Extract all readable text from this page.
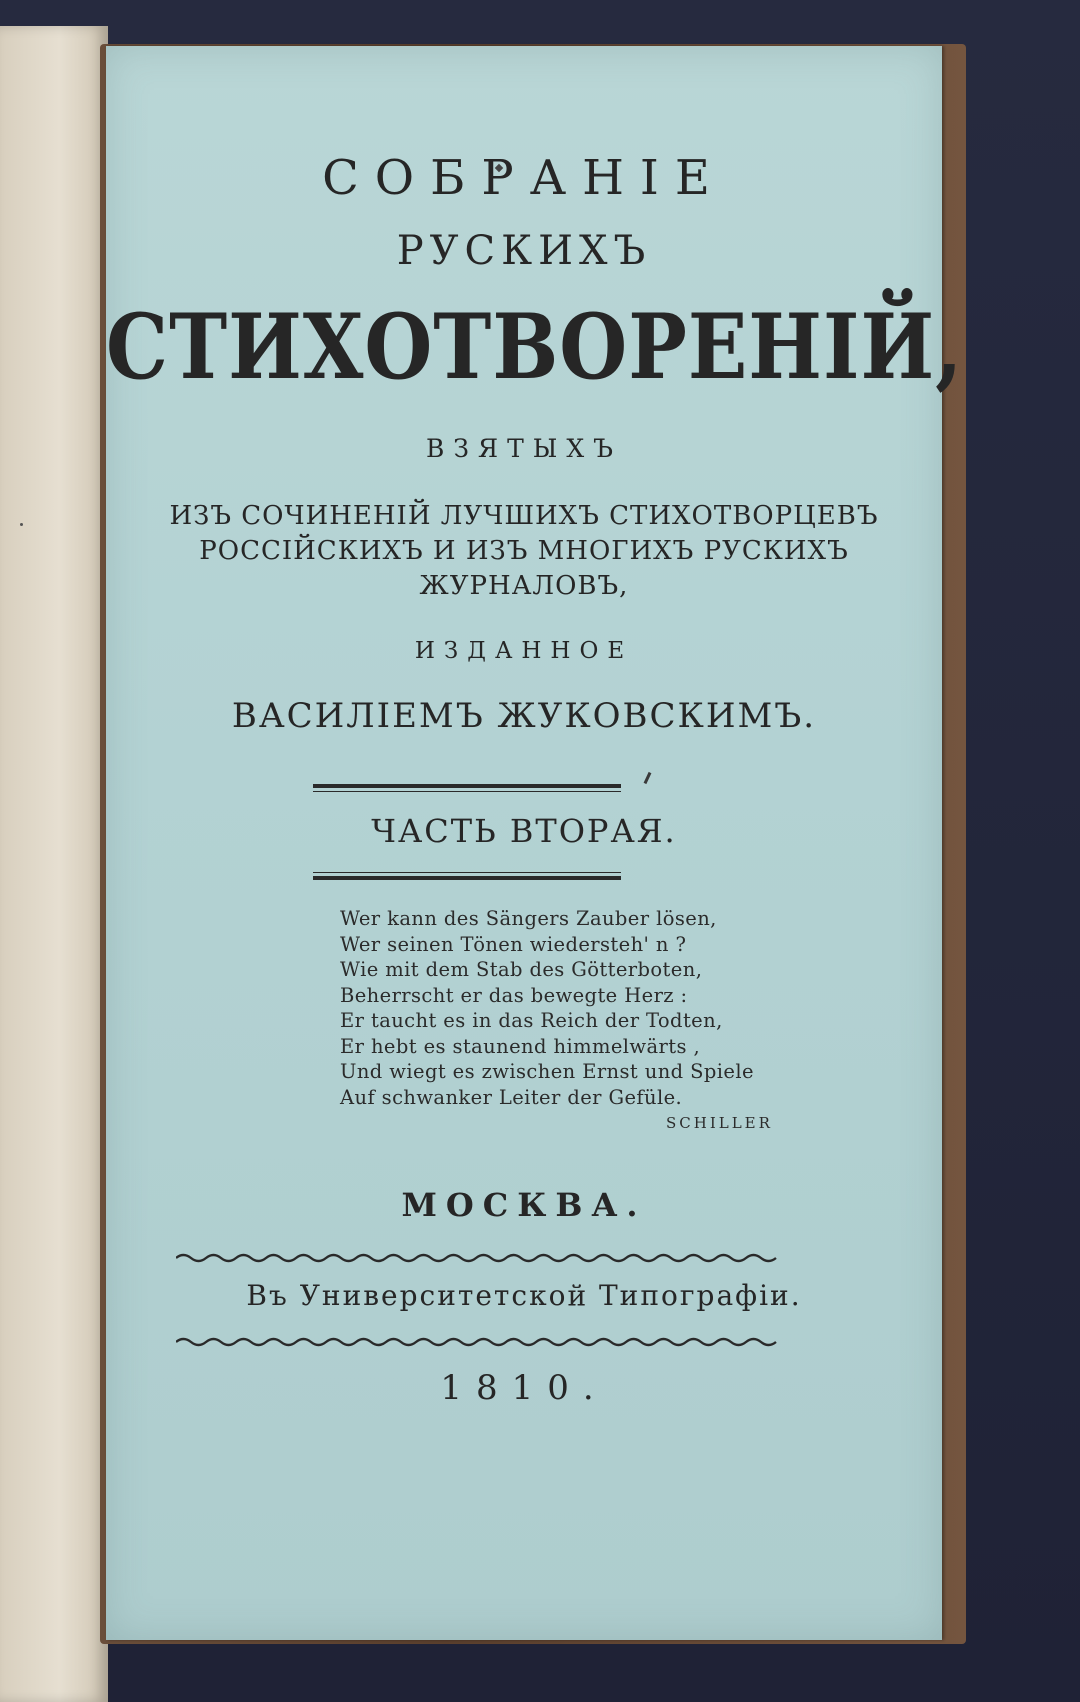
СОБРАНІЕ
РУСКИХЪ
СТИХОТВОРЕНІЙ,
ВЗЯТЫХЪ
ИЗЪ СОЧИНЕНІЙ ЛУЧШИХЪ СТИХОТВОРЦЕВЪ
РОССІЙСКИХЪ И ИЗЪ МНОГИХЪ РУСКИХЪ
ЖУРНАЛОВЪ,
ИЗДАННОЕ
ВАСИЛІЕМЪ ЖУКОВСКИМЪ.
ЧАСТЬ ВТОРАЯ.
Wer kann des Sängers Zauber lösen,
Wer seinen Tönen wiedersteh' n ?
Wie mit dem Stab des Götterboten,
Beherrscht er das bewegte Herz :
Er taucht es in das Reich der Todten,
Er hebt es staunend himmelwärts ,
Und wiegt es zwischen Ernst und Spiele
Auf schwanker Leiter der Gefüle.
SCHILLER
МОСКВА.
Въ Университетской Типографіи.
1810.
